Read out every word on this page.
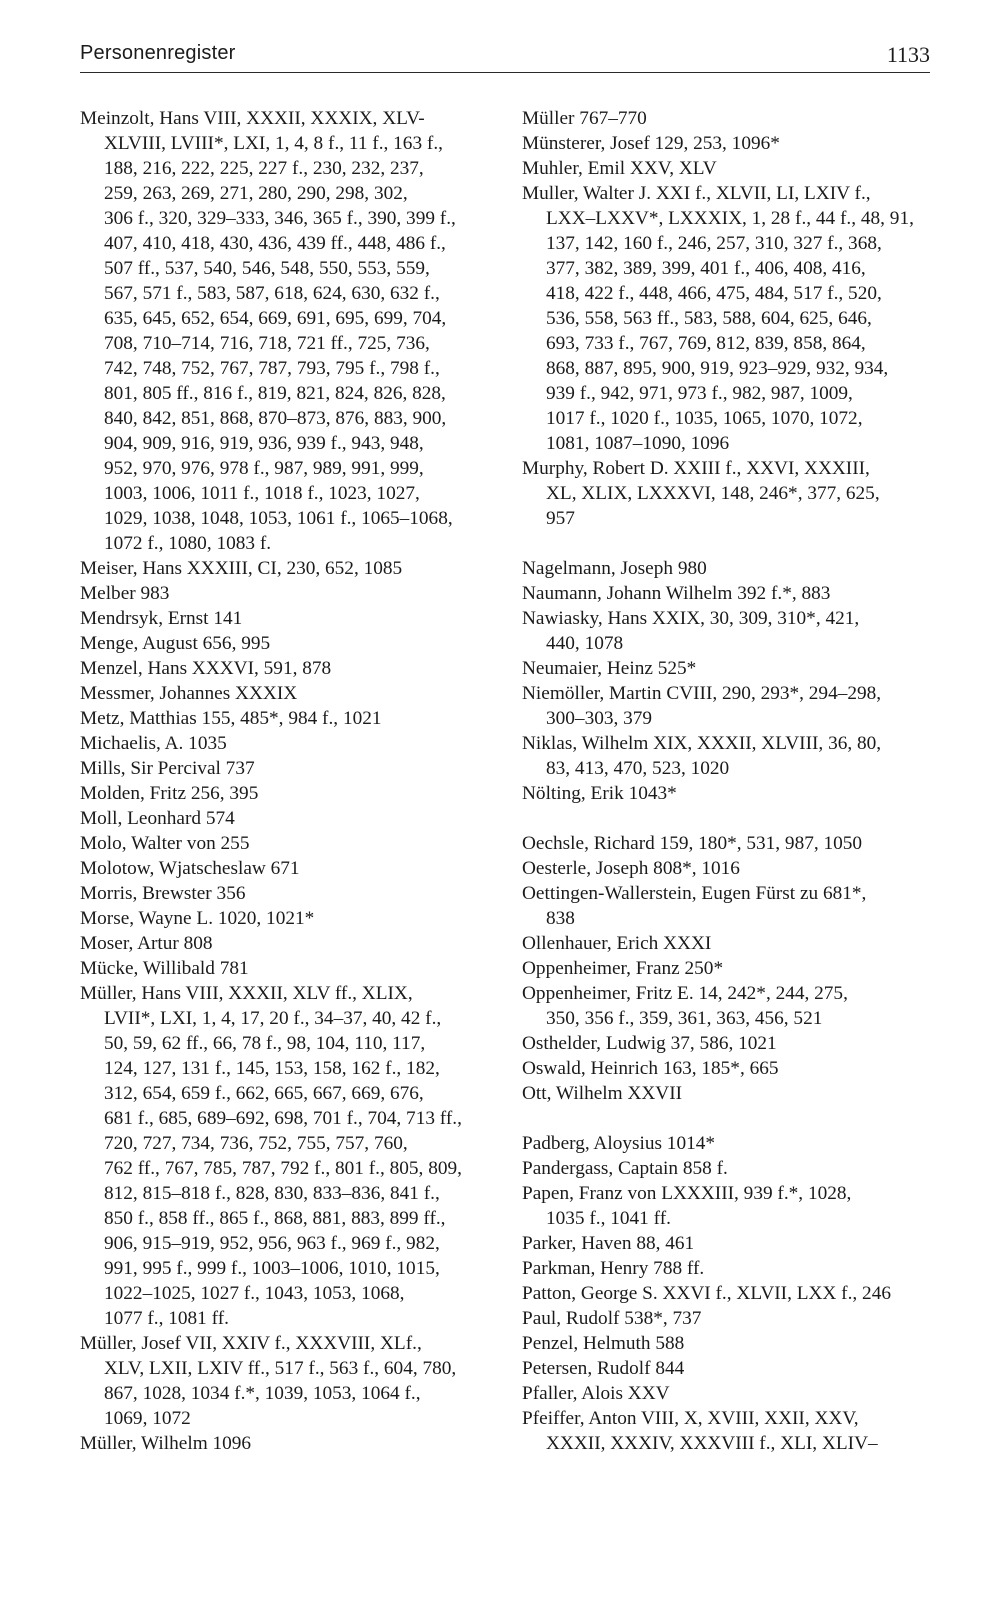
Personenregister	1133
Meinzolt, Hans VIII, XXXII, XXXIX, XLV-
XLVIII, LVIII*, LXI, 1, 4, 8 f., 11 f., 163 f.,
188, 216, 222, 225, 227 f., 230, 232, 237,
259, 263, 269, 271, 280, 290, 298, 302,
306 f., 320, 329–333, 346, 365 f., 390, 399 f.,
407, 410, 418, 430, 436, 439 ff., 448, 486 f.,
507 ff., 537, 540, 546, 548, 550, 553, 559,
567, 571 f., 583, 587, 618, 624, 630, 632 f.,
635, 645, 652, 654, 669, 691, 695, 699, 704,
708, 710–714, 716, 718, 721 ff., 725, 736,
742, 748, 752, 767, 787, 793, 795 f., 798 f.,
801, 805 ff., 816 f., 819, 821, 824, 826, 828,
840, 842, 851, 868, 870–873, 876, 883, 900,
904, 909, 916, 919, 936, 939 f., 943, 948,
952, 970, 976, 978 f., 987, 989, 991, 999,
1003, 1006, 1011 f., 1018 f., 1023, 1027,
1029, 1038, 1048, 1053, 1061 f., 1065–1068,
1072 f., 1080, 1083 f.
Meiser, Hans XXXIII, CI, 230, 652, 1085
Melber 983
Mendrsyk, Ernst 141
Menge, August 656, 995
Menzel, Hans XXXVI, 591, 878
Messmer, Johannes XXXIX
Metz, Matthias 155, 485*, 984 f., 1021
Michaelis, A. 1035
Mills, Sir Percival 737
Molden, Fritz 256, 395
Moll, Leonhard 574
Molo, Walter von 255
Molotow, Wjatscheslaw 671
Morris, Brewster 356
Morse, Wayne L. 1020, 1021*
Moser, Artur 808
Mücke, Willibald 781
Müller, Hans VIII, XXXII, XLV ff., XLIX,
LVII*, LXI, 1, 4, 17, 20 f., 34–37, 40, 42 f.,
50, 59, 62 ff., 66, 78 f., 98, 104, 110, 117,
124, 127, 131 f., 145, 153, 158, 162 f., 182,
312, 654, 659 f., 662, 665, 667, 669, 676,
681 f., 685, 689–692, 698, 701 f., 704, 713 ff.,
720, 727, 734, 736, 752, 755, 757, 760,
762 ff., 767, 785, 787, 792 f., 801 f., 805, 809,
812, 815–818 f., 828, 830, 833–836, 841 f.,
850 f., 858 ff., 865 f., 868, 881, 883, 899 ff.,
906, 915–919, 952, 956, 963 f., 969 f., 982,
991, 995 f., 999 f., 1003–1006, 1010, 1015,
1022–1025, 1027 f., 1043, 1053, 1068,
1077 f., 1081 ff.
Müller, Josef VII, XXIV f., XXXVIII, XLf.,
XLV, LXII, LXIV ff., 517 f., 563 f., 604, 780,
867, 1028, 1034 f.*, 1039, 1053, 1064 f.,
1069, 1072
Müller, Wilhelm 1096
Müller 767–770
Münsterer, Josef 129, 253, 1096*
Muhler, Emil XXV, XLV
Muller, Walter J. XXI f., XLVII, LI, LXIV f.,
LXX–LXXV*, LXXXIX, 1, 28 f., 44 f., 48, 91,
137, 142, 160 f., 246, 257, 310, 327 f., 368,
377, 382, 389, 399, 401 f., 406, 408, 416,
418, 422 f., 448, 466, 475, 484, 517 f., 520,
536, 558, 563 ff., 583, 588, 604, 625, 646,
693, 733 f., 767, 769, 812, 839, 858, 864,
868, 887, 895, 900, 919, 923–929, 932, 934,
939 f., 942, 971, 973 f., 982, 987, 1009,
1017 f., 1020 f., 1035, 1065, 1070, 1072,
1081, 1087–1090, 1096
Murphy, Robert D. XXIII f., XXVI, XXXIII,
XL, XLIX, LXXXVI, 148, 246*, 377, 625,
957
Nagelmann, Joseph 980
Naumann, Johann Wilhelm 392 f.*, 883
Nawiasky, Hans XXIX, 30, 309, 310*, 421,
440, 1078
Neumaier, Heinz 525*
Niemöller, Martin CVIII, 290, 293*, 294–298,
300–303, 379
Niklas, Wilhelm XIX, XXXII, XLVIII, 36, 80,
83, 413, 470, 523, 1020
Nölting, Erik 1043*
Oechsle, Richard 159, 180*, 531, 987, 1050
Oesterle, Joseph 808*, 1016
Oettingen-Wallerstein, Eugen Fürst zu 681*,
838
Ollenhauer, Erich XXXI
Oppenheimer, Franz 250*
Oppenheimer, Fritz E. 14, 242*, 244, 275,
350, 356 f., 359, 361, 363, 456, 521
Osthelder, Ludwig 37, 586, 1021
Oswald, Heinrich 163, 185*, 665
Ott, Wilhelm XXVII
Padberg, Aloysius 1014*
Pandergass, Captain 858 f.
Papen, Franz von LXXXIII, 939 f.*, 1028,
1035 f., 1041 ff.
Parker, Haven 88, 461
Parkman, Henry 788 ff.
Patton, George S. XXVI f., XLVII, LXX f., 246
Paul, Rudolf 538*, 737
Penzel, Helmuth 588
Petersen, Rudolf 844
Pfaller, Alois XXV
Pfeiffer, Anton VIII, X, XVIII, XXII, XXV,
XXXII, XXXIV, XXXVIII f., XLI, XLIV–
